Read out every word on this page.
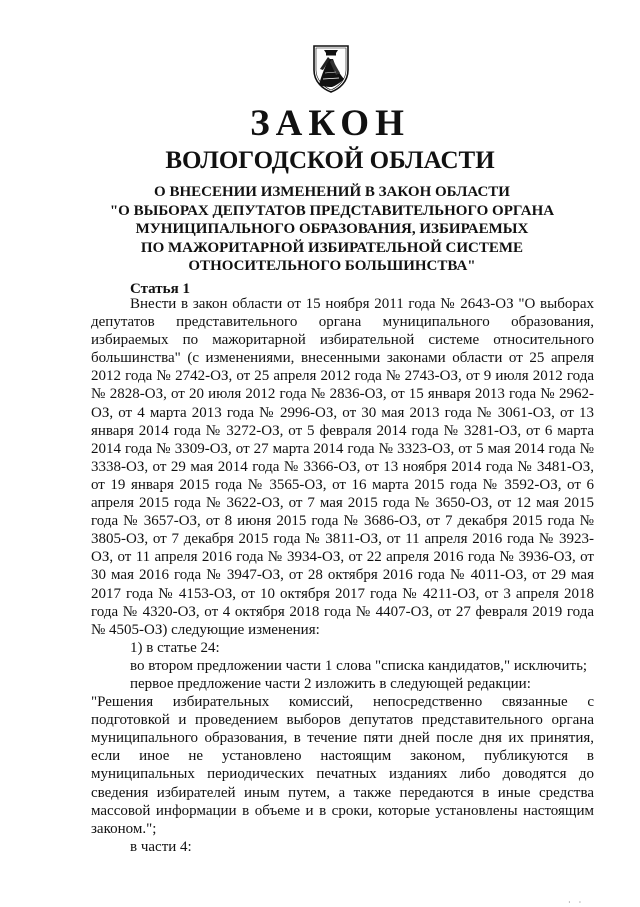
ЗАКОН
ВОЛОГОДСКОЙ ОБЛАСТИ
О ВНЕСЕНИИ ИЗМЕНЕНИЙ В ЗАКОН ОБЛАСТИ
"О ВЫБОРАХ ДЕПУТАТОВ ПРЕДСТАВИТЕЛЬНОГО ОРГАНА
МУНИЦИПАЛЬНОГО ОБРАЗОВАНИЯ, ИЗБИРАЕМЫХ
ПО МАЖОРИТАРНОЙ ИЗБИРАТЕЛЬНОЙ СИСТЕМЕ
ОТНОСИТЕЛЬНОГО БОЛЬШИНСТВА"
Статья 1

Внести в закон области от 15 ноября 2011 года № 2643-ОЗ "О выборах депутатов представительного органа муниципального образования, избираемых по мажоритарной избирательной системе относительного большинства" (с изменениями, внесенными законами области от 25 апреля 2012 года № 2742-ОЗ, от 25 апреля 2012 года № 2743-ОЗ, от 9 июля 2012 года № 2828-ОЗ, от 20 июля 2012 года № 2836-ОЗ, от 15 января 2013 года № 2962-ОЗ, от 4 марта 2013 года № 2996-ОЗ, от 30 мая 2013 года № 3061-ОЗ, от 13 января 2014 года № 3272-ОЗ, от 5 февраля 2014 года № 3281-ОЗ, от 6 марта 2014 года № 3309-ОЗ, от 27 марта 2014 года № 3323-ОЗ, от 5 мая 2014 года № 3338-ОЗ, от 29 мая 2014 года № 3366-ОЗ, от 13 ноября 2014 года № 3481-ОЗ, от 19 января 2015 года № 3565-ОЗ, от 16 марта 2015 года № 3592-ОЗ, от 6 апреля 2015 года № 3622-ОЗ, от 7 мая 2015 года № 3650-ОЗ, от 12 мая 2015 года № 3657-ОЗ, от 8 июня 2015 года № 3686-ОЗ, от 7 декабря 2015 года № 3805-ОЗ, от 7 декабря 2015 года № 3811-ОЗ, от 11 апреля 2016 года № 3923-ОЗ, от 11 апреля 2016 года № 3934-ОЗ, от 22 апреля 2016 года № 3936-ОЗ, от 30 мая 2016 года № 3947-ОЗ, от 28 октября 2016 года № 4011-ОЗ, от 29 мая 2017 года № 4153-ОЗ, от 10 октября 2017 года № 4211-ОЗ, от 3 апреля 2018 года № 4320-ОЗ, от 4 октября 2018 года № 4407-ОЗ, от 27 февраля 2019 года № 4505-ОЗ) следующие изменения:

1) в статье 24:

во втором предложении части 1 слова "списка кандидатов," исключить;

первое предложение части 2 изложить в следующей редакции:

"Решения избирательных комиссий, непосредственно связанные с подготовкой и проведением выборов депутатов представительного органа муниципального образования, в течение пяти дней после дня их принятия, если иное не установлено настоящим законом, публикуются в муниципальных периодических печатных изданиях либо доводятся до сведения избирателей иным путем, а также передаются в иные средства массовой информации в объеме и в сроки, которые установлены настоящим законом.";

в части 4:

· ·
